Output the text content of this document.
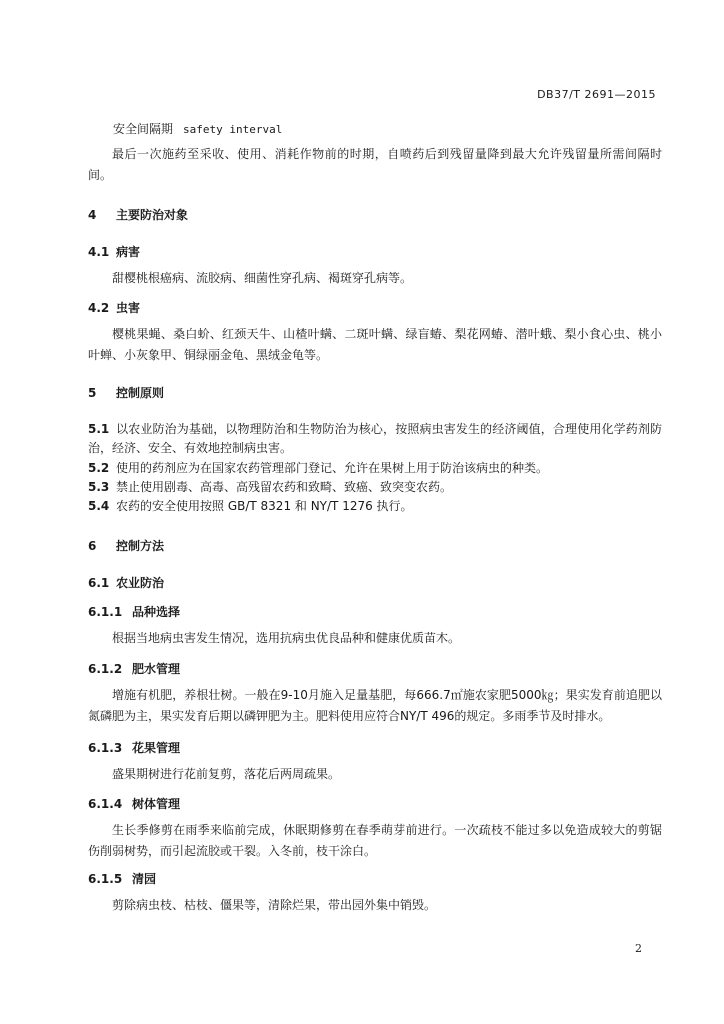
DB37/T 2691—2015
安全间隔期 safety interval
最后一次施药至采收、使用、消耗作物前的时期，自喷药后到残留量降到最大允许残留量所需间隔时间。
4 主要防治对象
4.1 病害
甜樱桃根癌病、流胶病、细菌性穿孔病、褐斑穿孔病等。
4.2 虫害
樱桃果蝇、桑白蚧、红颈天牛、山楂叶螨、二斑叶螨、绿盲蝽、梨花网蝽、潜叶蛾、梨小食心虫、桃小叶蝉、小灰象甲、铜绿丽金龟、黑绒金龟等。
5 控制原则
5.1 以农业防治为基础，以物理防治和生物防治为核心，按照病虫害发生的经济阈值，合理使用化学药剂防治，经济、安全、有效地控制病虫害。
5.2 使用的药剂应为在国家农药管理部门登记、允许在果树上用于防治该病虫的种类。
5.3 禁止使用剧毒、高毒、高残留农药和致畸、致癌、致突变农药。
5.4 农药的安全使用按照 GB/T 8321 和 NY/T 1276 执行。
6 控制方法
6.1 农业防治
6.1.1 品种选择
根据当地病虫害发生情况，选用抗病虫优良品种和健康优质苗木。
6.1.2 肥水管理
增施有机肥，养根壮树。一般在9-10月施入足量基肥，每666.7㎡施农家肥5000㎏；果实发育前追肥以氮磷肥为主，果实发育后期以磷钾肥为主。肥料使用应符合NY/T 496的规定。多雨季节及时排水。
6.1.3 花果管理
盛果期树进行花前复剪，落花后两周疏果。
6.1.4 树体管理
生长季修剪在雨季来临前完成，休眠期修剪在春季萌芽前进行。一次疏枝不能过多以免造成较大的剪锯伤削弱树势，而引起流胶或干裂。入冬前，枝干涂白。
6.1.5 清园
剪除病虫枝、枯枝、僵果等，清除烂果，带出园外集中销毁。
2
